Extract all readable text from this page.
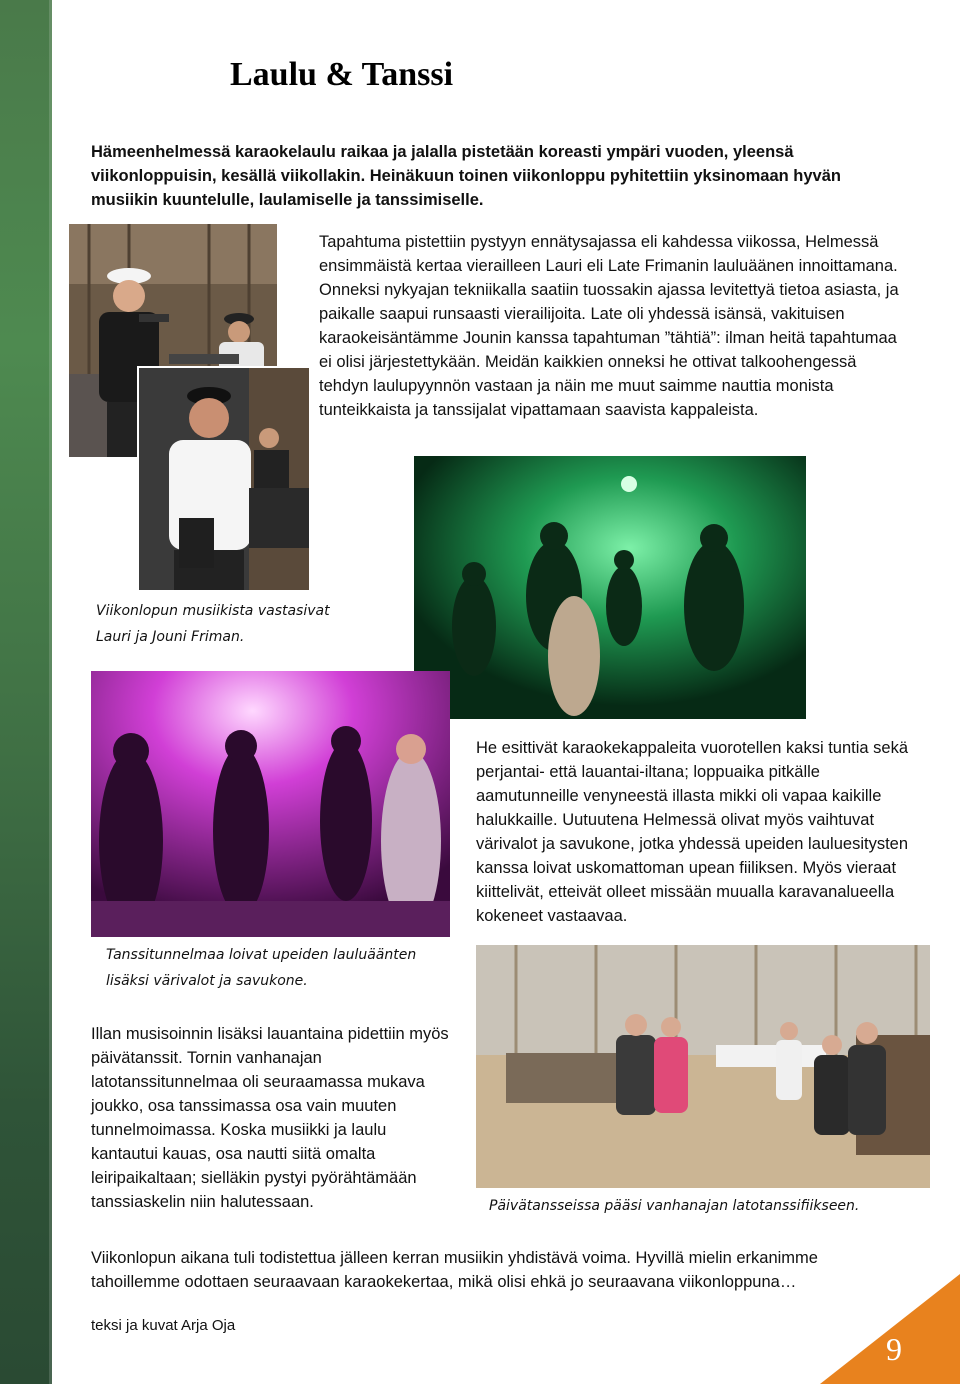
Laulu & Tanssi
Hämeenhelmessä karaokelaulu raikaa ja jalalla pistetään koreasti ympäri vuoden, yleensä viikonloppuisin, kesällä viikollakin. Heinäkuun toinen viikonloppu pyhitettiin yksinomaan hyvän musiikin kuuntelulle, laulamiselle ja tanssimiselle.
Tapahtuma pistettiin pystyyn ennätysajassa eli kahdessa viikossa, Helmessä ensimmäistä kertaa vierailleen Lauri eli Late Frimanin lauluäänen innoittamana. Onneksi nykyajan tekniikalla saatiin tuossakin ajassa levitettyä tietoa asiasta, ja paikalle saapui runsaasti vierailijoita. Late oli yhdessä isänsä, vakituisen karaokeisäntämme Jounin kanssa tapahtuman ”tähtiä”: ilman heitä tapahtumaa ei olisi järjestettykään. Meidän kaikkien onneksi he ottivat talkoohengessä tehdyn laulupyynnön vastaan ja näin me muut saimme nauttia monista tunteikkaista ja tanssijalat vipattamaan saavista kappaleista.
Viikonlopun musiikista vastasivat Lauri ja Jouni Friman.
He esittivät karaokekappaleita vuorotellen kaksi tuntia sekä perjantai- että lauantai-iltana; loppuaika pitkälle aamutunneille venyneestä illasta mikki oli vapaa kaikille halukkaille. Uutuutena Helmessä olivat myös vaihtuvat värivalot ja savukone, jotka yhdessä upeiden lauluesitysten kanssa loivat uskomattoman upean fiiliksen. Myös vieraat kiittelivät, etteivät olleet missään muualla karavanalueella kokeneet vastaavaa.
Tanssitunnelmaa loivat upeiden lauluäänten lisäksi värivalot ja savukone.
Illan musisoinnin lisäksi lauantaina pidettiin myös päivätanssit. Tornin vanhanajan latotanssitunnelmaa oli seuraamassa mukava joukko, osa tanssimassa osa vain muuten tunnelmoimassa. Koska musiikki ja laulu kantautui kauas, osa nautti siitä omalta leiripaikaltaan; sielläkin pystyi pyörähtämään tanssiaskelin niin halutessaan.	Päivätansseissa pääsi vanhanajan latotanssifiikseen.
Viikonlopun aikana tuli todistettua jälleen kerran musiikin yhdistävä voima. Hyvillä mielin erkanimme tahoillemme odottaen seuraavaan karaokekertaa, mikä olisi ehkä jo seuraavana viikonloppuna…
teksi ja kuvat Arja Oja
9
